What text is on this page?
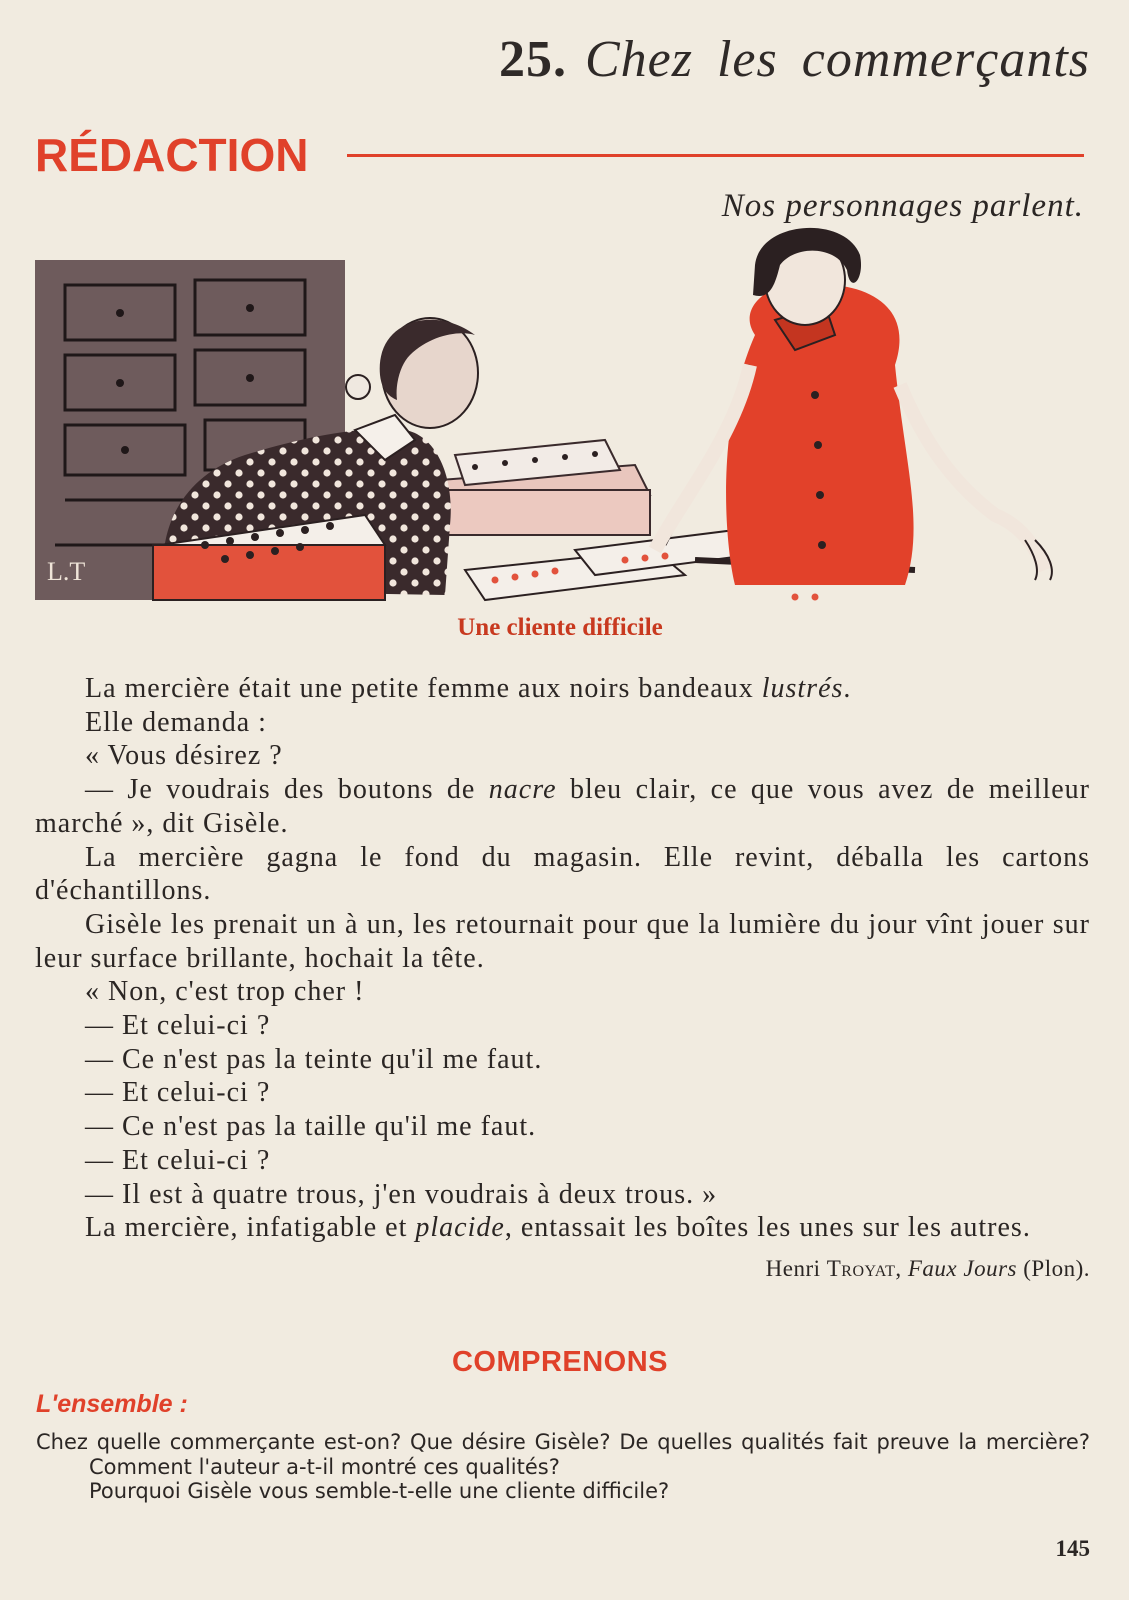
25. Chez les commerçants
RÉDACTION
Nos personnages parlent.
L.T
Une cliente difficile

La mercière était une petite femme aux noirs bandeaux lustrés.

Elle demanda :

« Vous désirez ?

— Je voudrais des boutons de nacre bleu clair, ce que vous avez de meilleur marché », dit Gisèle.

La mercière gagna le fond du magasin. Elle revint, déballa les cartons d'échantillons.

Gisèle les prenait un à un, les retournait pour que la lumière du jour vînt jouer sur leur surface brillante, hochait la tête.

« Non, c'est trop cher !

— Et celui-ci ?

— Ce n'est pas la teinte qu'il me faut.

— Et celui-ci ?

— Ce n'est pas la taille qu'il me faut.

— Et celui-ci ?

— Il est à quatre trous, j'en voudrais à deux trous. »

La mercière, infatigable et placide, entassait les boîtes les unes sur les autres.

Henri Troyat, Faux Jours (Plon).
COMPRENONS
L'ensemble :

Chez quelle commerçante est-on? Que désire Gisèle? De quelles qualités fait preuve la mercière? Comment l'auteur a-t-il montré ces qualités?

Pourquoi Gisèle vous semble-t-elle une cliente difficile?

145
